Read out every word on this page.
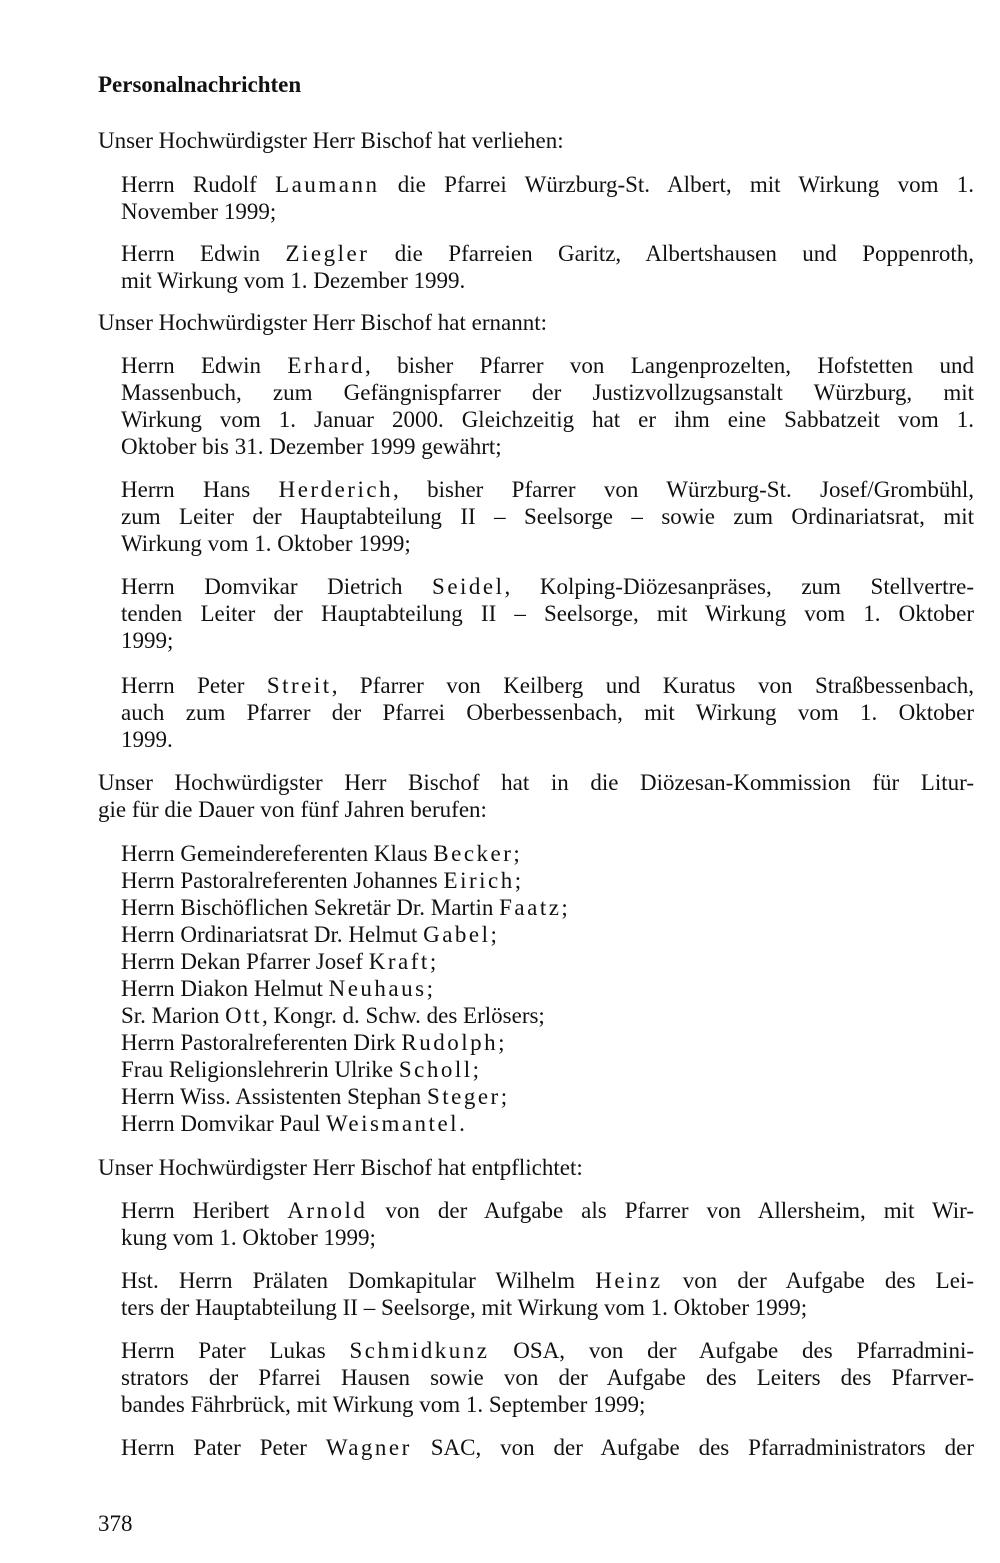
Personalnachrichten
Unser Hochwürdigster Herr Bischof hat verliehen:
Herrn Rudolf Laumann die Pfarrei Würzburg-St. Albert, mit Wirkung vom 1.
November 1999;
Herrn Edwin Ziegler die Pfarreien Garitz, Albertshausen und Poppenroth,
mit Wirkung vom 1. Dezember 1999.
Unser Hochwürdigster Herr Bischof hat ernannt:
Herrn Edwin Erhard, bisher Pfarrer von Langenprozelten, Hofstetten und
Massenbuch, zum Gefängnispfarrer der Justizvollzugsanstalt Würzburg, mit
Wirkung vom 1. Januar 2000. Gleichzeitig hat er ihm eine Sabbatzeit vom 1.
Oktober bis 31. Dezember 1999 gewährt;
Herrn Hans Herderich, bisher Pfarrer von Würzburg-St. Josef/Grombühl,
zum Leiter der Hauptabteilung II – Seelsorge – sowie zum Ordinariatsrat, mit
Wirkung vom 1. Oktober 1999;
Herrn Domvikar Dietrich Seidel, Kolping-Diözesanpräses, zum Stellvertre-
tenden Leiter der Hauptabteilung II – Seelsorge, mit Wirkung vom 1. Oktober
1999;
Herrn Peter Streit, Pfarrer von Keilberg und Kuratus von Straßbessenbach,
auch zum Pfarrer der Pfarrei Oberbessenbach, mit Wirkung vom 1. Oktober
1999.
Unser Hochwürdigster Herr Bischof hat in die Diözesan-Kommission für Litur-
gie für die Dauer von fünf Jahren berufen:
Herrn Gemeindereferenten Klaus Becker;
Herrn Pastoralreferenten Johannes Eirich;
Herrn Bischöflichen Sekretär Dr. Martin Faatz;
Herrn Ordinariatsrat Dr. Helmut Gabel;
Herrn Dekan Pfarrer Josef Kraft;
Herrn Diakon Helmut Neuhaus;
Sr. Marion Ott, Kongr. d. Schw. des Erlösers;
Herrn Pastoralreferenten Dirk Rudolph;
Frau Religionslehrerin Ulrike Scholl;
Herrn Wiss. Assistenten Stephan Steger;
Herrn Domvikar Paul Weismantel.
Unser Hochwürdigster Herr Bischof hat entpflichtet:
Herrn Heribert Arnold von der Aufgabe als Pfarrer von Allersheim, mit Wir-
kung vom 1. Oktober 1999;
Hst. Herrn Prälaten Domkapitular Wilhelm Heinz von der Aufgabe des Lei-
ters der Hauptabteilung II – Seelsorge, mit Wirkung vom 1. Oktober 1999;
Herrn Pater Lukas Schmidkunz OSA, von der Aufgabe des Pfarradmini-
strators der Pfarrei Hausen sowie von der Aufgabe des Leiters des Pfarrver-
bandes Fährbrück, mit Wirkung vom 1. September 1999;
Herrn Pater Peter Wagner SAC, von der Aufgabe des Pfarradministrators der
378
